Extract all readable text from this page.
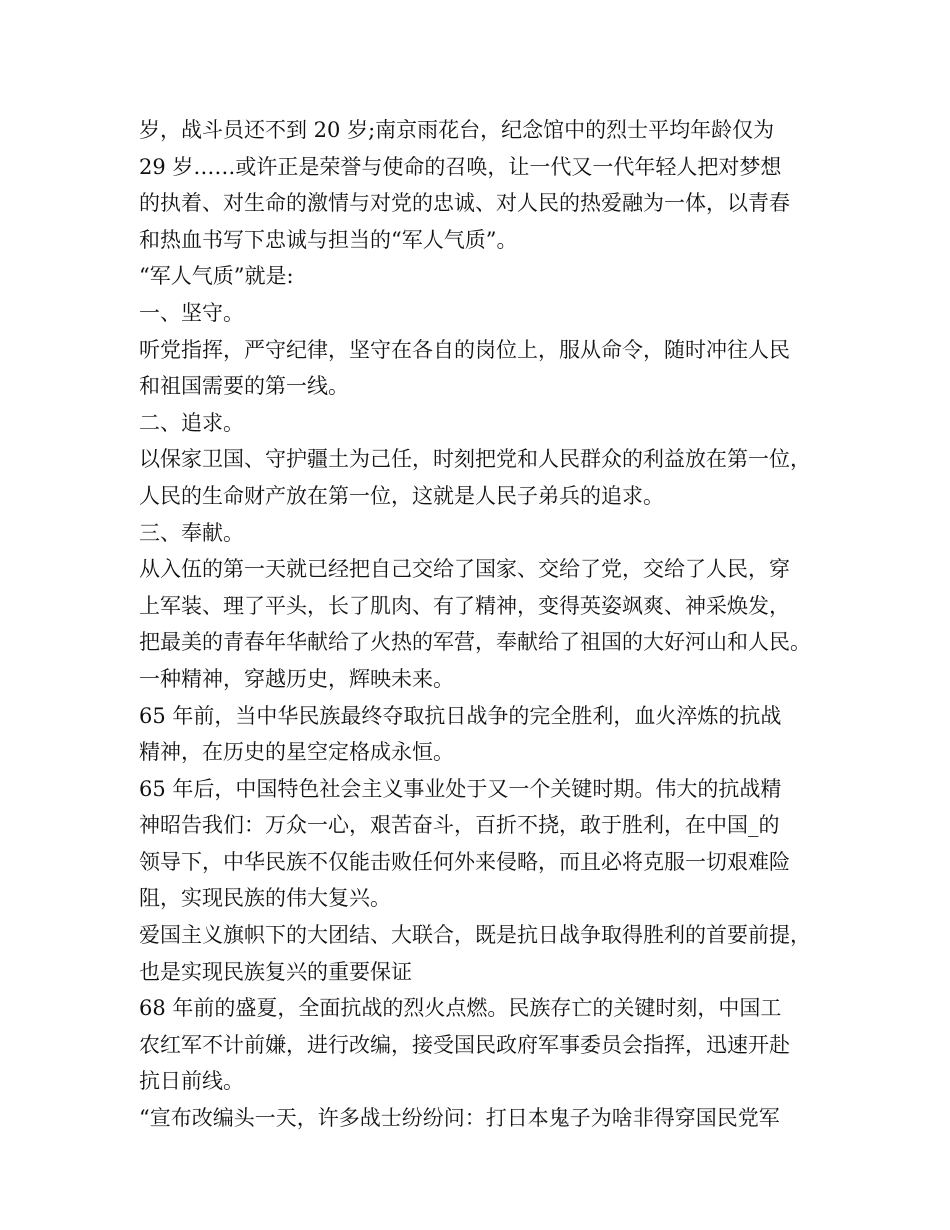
岁，战斗员还不到 20 岁;南京雨花台，纪念馆中的烈士平均年龄仅为
29 岁……或许正是荣誉与使命的召唤，让一代又一代年轻人把对梦想
的执着、对生命的激情与对党的忠诚、对人民的热爱融为一体，以青春
和热血书写下忠诚与担当的“军人气质”。
“军人气质”就是:
一、坚守。
听党指挥，严守纪律，坚守在各自的岗位上，服从命令，随时冲往人民
和祖国需要的第一线。
二、追求。
以保家卫国、守护疆土为己任，时刻把党和人民群众的利益放在第一位，
人民的生命财产放在第一位，这就是人民子弟兵的追求。
三、奉献。
从入伍的第一天就已经把自己交给了国家、交给了党，交给了人民，穿
上军装、理了平头，长了肌肉、有了精神，变得英姿飒爽、神采焕发，
把最美的青春年华献给了火热的军营，奉献给了祖国的大好河山和人民。
一种精神，穿越历史，辉映未来。
65 年前，当中华民族最终夺取抗日战争的完全胜利，血火淬炼的抗战
精神，在历史的星空定格成永恒。
65 年后，中国特色社会主义事业处于又一个关键时期。伟大的抗战精
神昭告我们：万众一心，艰苦奋斗，百折不挠，敢于胜利，在中国_的
领导下，中华民族不仅能击败任何外来侵略，而且必将克服一切艰难险
阻，实现民族的伟大复兴。
爱国主义旗帜下的大团结、大联合，既是抗日战争取得胜利的首要前提，
也是实现民族复兴的重要保证
68 年前的盛夏，全面抗战的烈火点燃。民族存亡的关键时刻，中国工
农红军不计前嫌，进行改编，接受国民政府军事委员会指挥，迅速开赴
抗日前线。
“宣布改编头一天，许多战士纷纷问：打日本鬼子为啥非得穿国民党军
